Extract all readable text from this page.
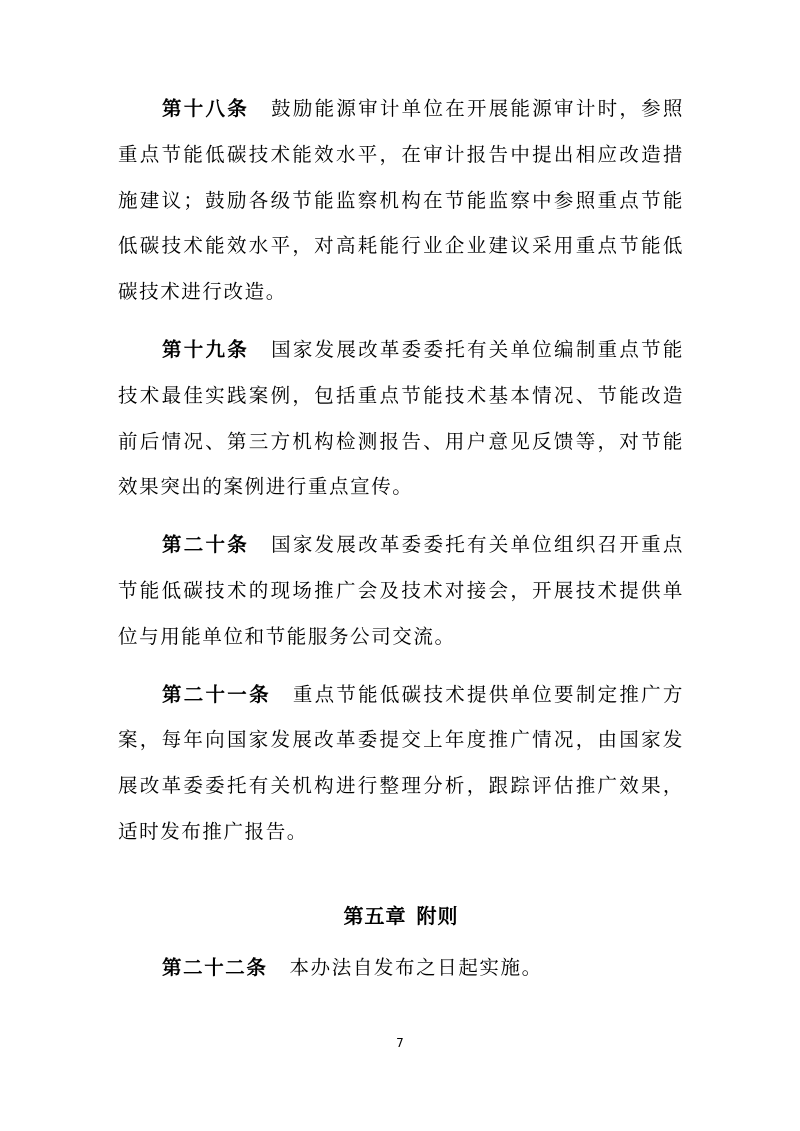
第十八条 鼓励能源审计单位在开展能源审计时，参照重点节能低碳技术能效水平，在审计报告中提出相应改造措施建议；鼓励各级节能监察机构在节能监察中参照重点节能低碳技术能效水平，对高耗能行业企业建议采用重点节能低碳技术进行改造。

第十九条 国家发展改革委委托有关单位编制重点节能技术最佳实践案例，包括重点节能技术基本情况、节能改造前后情况、第三方机构检测报告、用户意见反馈等，对节能效果突出的案例进行重点宣传。

第二十条 国家发展改革委委托有关单位组织召开重点节能低碳技术的现场推广会及技术对接会，开展技术提供单位与用能单位和节能服务公司交流。

第二十一条 重点节能低碳技术提供单位要制定推广方案，每年向国家发展改革委提交上年度推广情况，由国家发展改革委委托有关机构进行整理分析，跟踪评估推广效果，适时发布推广报告。

第五章 附则

第二十二条 本办法自发布之日起实施。

7
